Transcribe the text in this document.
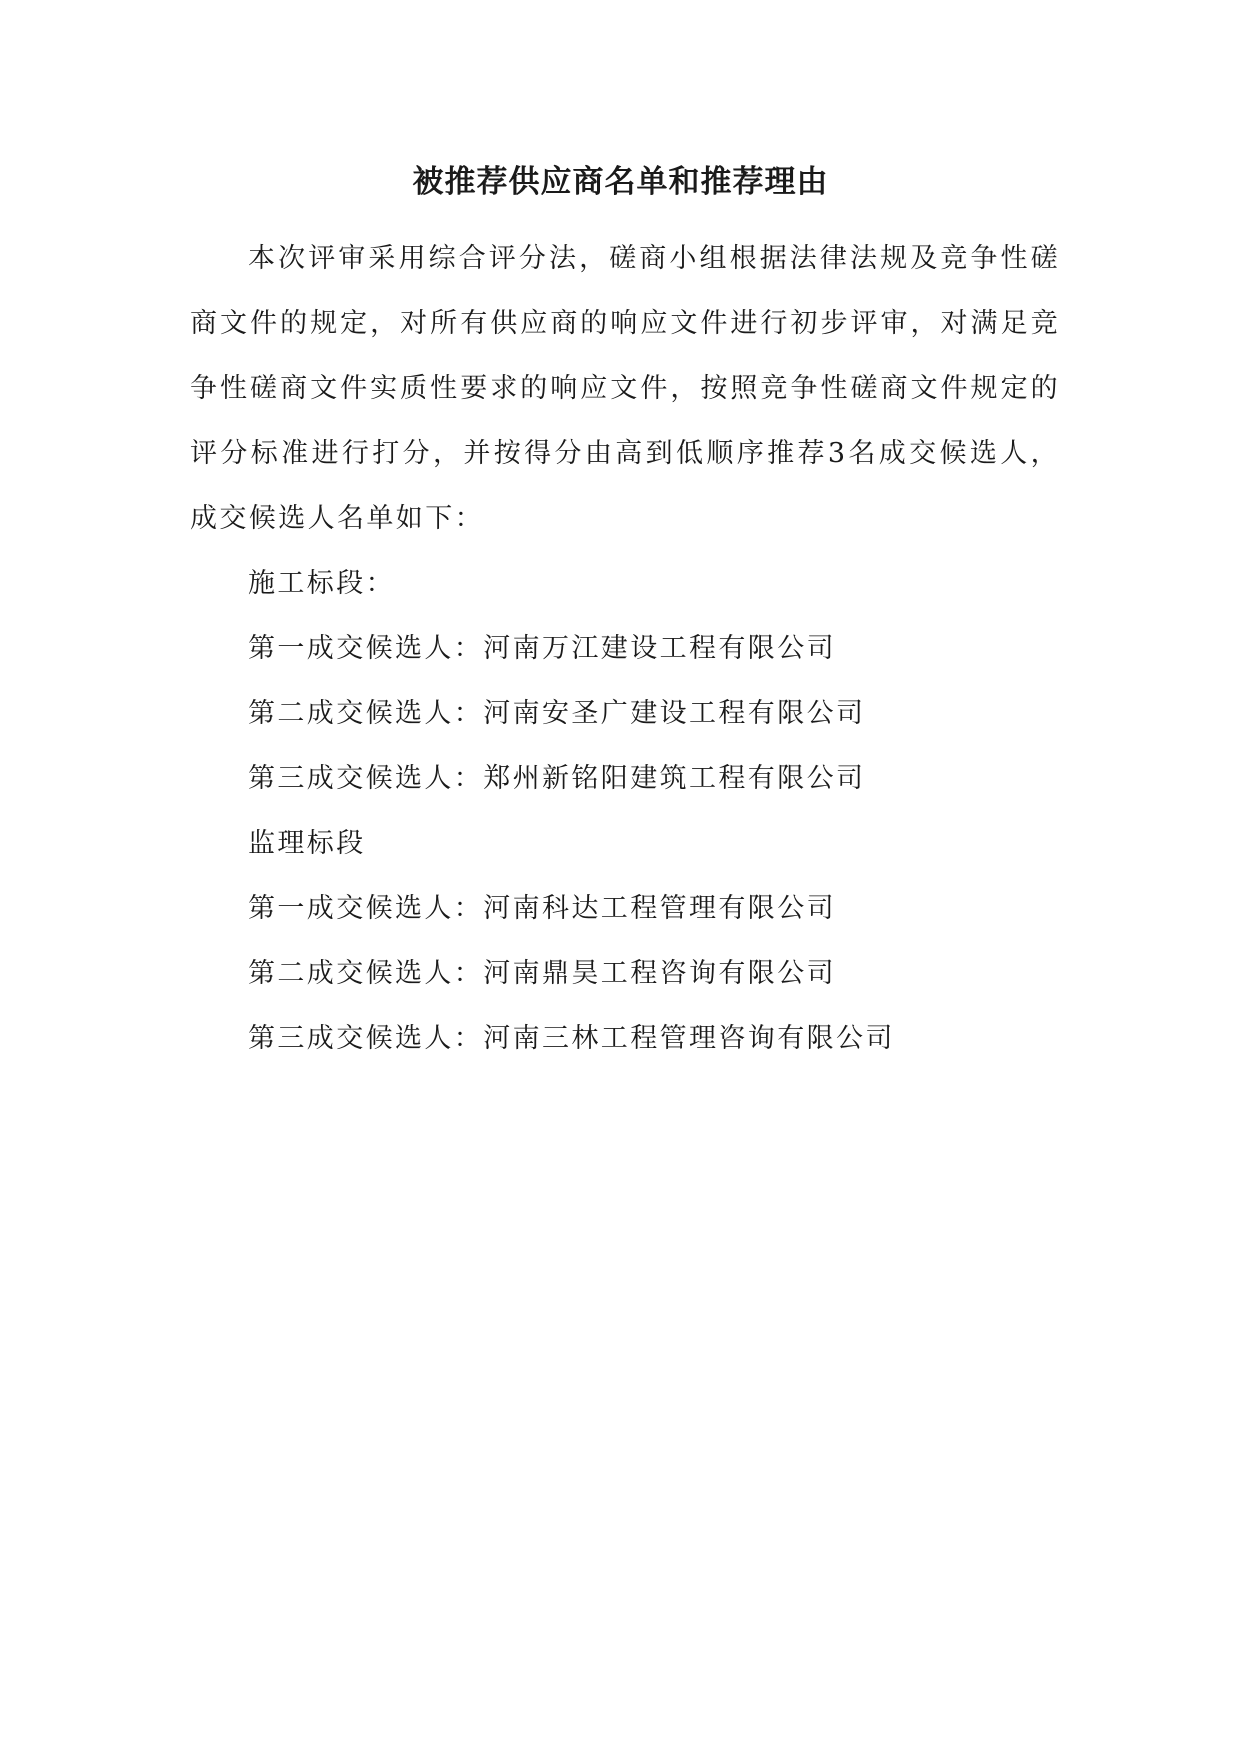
被推荐供应商名单和推荐理由

本次评审采用综合评分法，磋商小组根据法律法规及竞争性磋商文件的规定，对所有供应商的响应文件进行初步评审，对满足竞争性磋商文件实质性要求的响应文件，按照竞争性磋商文件规定的评分标准进行打分，并按得分由高到低顺序推荐3名成交候选人，成交候选人名单如下：

施工标段：

第一成交候选人：河南万江建设工程有限公司

第二成交候选人：河南安圣广建设工程有限公司

第三成交候选人：郑州新铭阳建筑工程有限公司

监理标段

第一成交候选人：河南科达工程管理有限公司

第二成交候选人：河南鼎昊工程咨询有限公司

第三成交候选人：河南三林工程管理咨询有限公司
